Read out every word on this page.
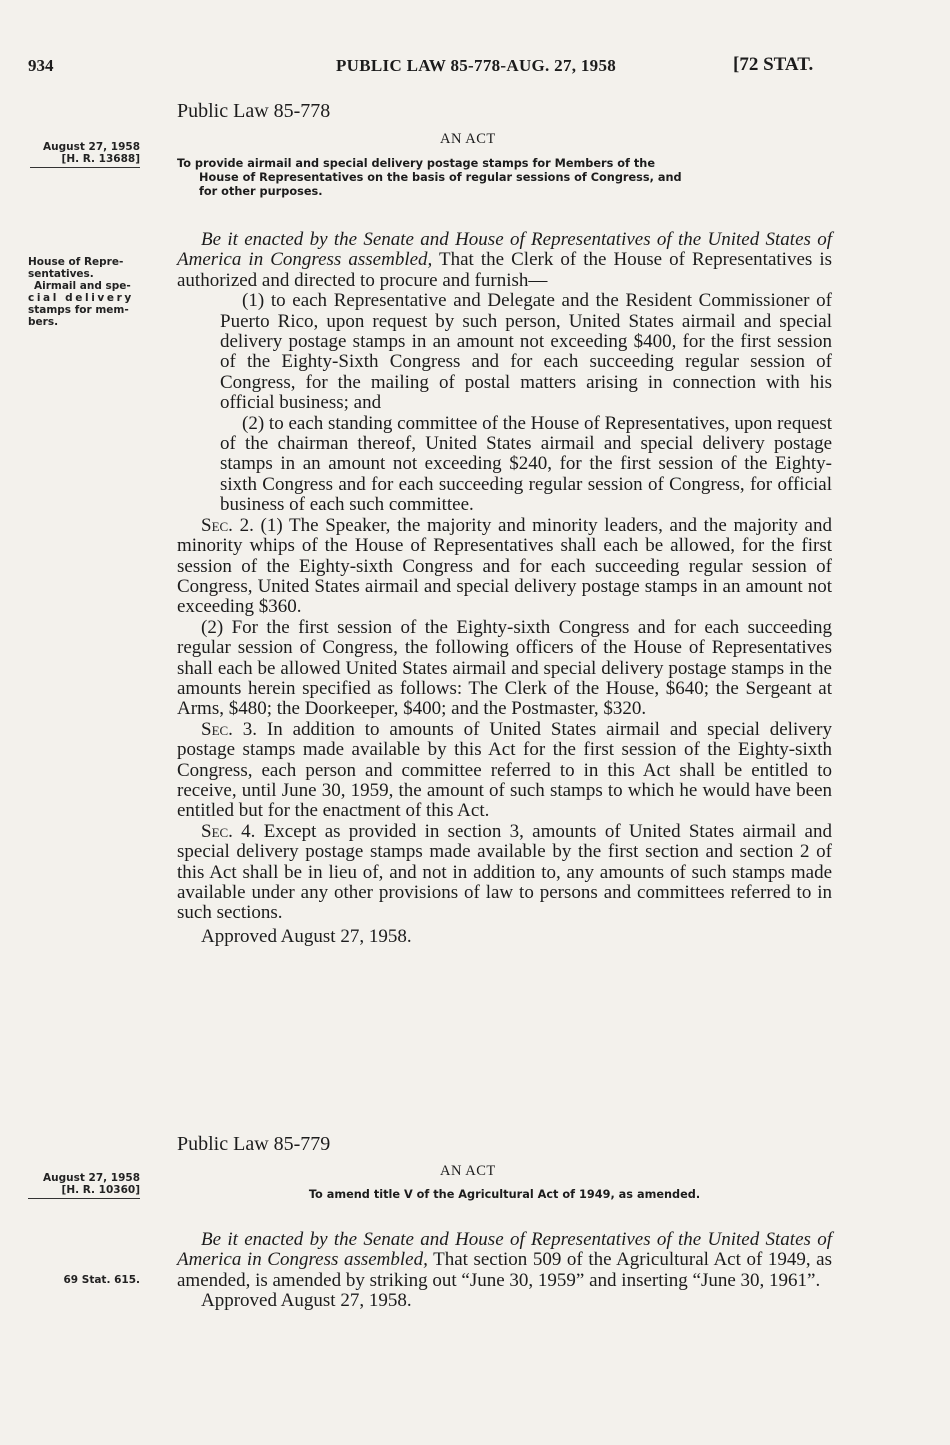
934	PUBLIC LAW 85-778-AUG. 27, 1958	[72 STAT.
Public Law 85-778
AN ACT
August 27, 1958
[H. R. 13688]	To provide airmail and special delivery postage stamps for Members of the
House of Representatives on the basis of regular sessions of Congress, and
for other purposes.
House of Repre-
sentatives.
Airmail and spe-
cial delivery
stamps for mem-
bers.

Be it enacted by the Senate and House of Representatives of the United States of America in Congress assembled, That the Clerk of the House of Representatives is authorized and directed to procure and furnish—

(1) to each Representative and Delegate and the Resident Commissioner of Puerto Rico, upon request by such person, United States airmail and special delivery postage stamps in an amount not exceeding $400, for the first session of the Eighty-Sixth Congress and for each succeeding regular session of Congress, for the mailing of postal matters arising in connection with his official business; and

(2) to each standing committee of the House of Representatives, upon request of the chairman thereof, United States airmail and special delivery postage stamps in an amount not exceeding $240, for the first session of the Eighty-sixth Congress and for each succeeding regular session of Congress, for official business of each such committee.

Sec. 2. (1) The Speaker, the majority and minority leaders, and the majority and minority whips of the House of Representatives shall each be allowed, for the first session of the Eighty-sixth Congress and for each succeeding regular session of Congress, United States airmail and special delivery postage stamps in an amount not exceeding $360.

(2) For the first session of the Eighty-sixth Congress and for each succeeding regular session of Congress, the following officers of the House of Representatives shall each be allowed United States airmail and special delivery postage stamps in the amounts herein specified as follows: The Clerk of the House, $640; the Sergeant at Arms, $480; the Doorkeeper, $400; and the Postmaster, $320.

Sec. 3. In addition to amounts of United States airmail and special delivery postage stamps made available by this Act for the first session of the Eighty-sixth Congress, each person and committee referred to in this Act shall be entitled to receive, until June 30, 1959, the amount of such stamps to which he would have been entitled but for the enactment of this Act.

Sec. 4. Except as provided in section 3, amounts of United States airmail and special delivery postage stamps made available by the first section and section 2 of this Act shall be in lieu of, and not in addition to, any amounts of such stamps made available under any other provisions of law to persons and committees referred to in such sections.

Approved August 27, 1958.

Public Law 85-779
AN ACT
August 27, 1958
[H. R. 10360]	To amend title V of the Agricultural Act of 1949, as amended.
69 Stat. 615.

Be it enacted by the Senate and House of Representatives of the United States of America in Congress assembled, That section 509 of the Agricultural Act of 1949, as amended, is amended by striking out “June 30, 1959” and inserting “June 30, 1961”.

Approved August 27, 1958.
